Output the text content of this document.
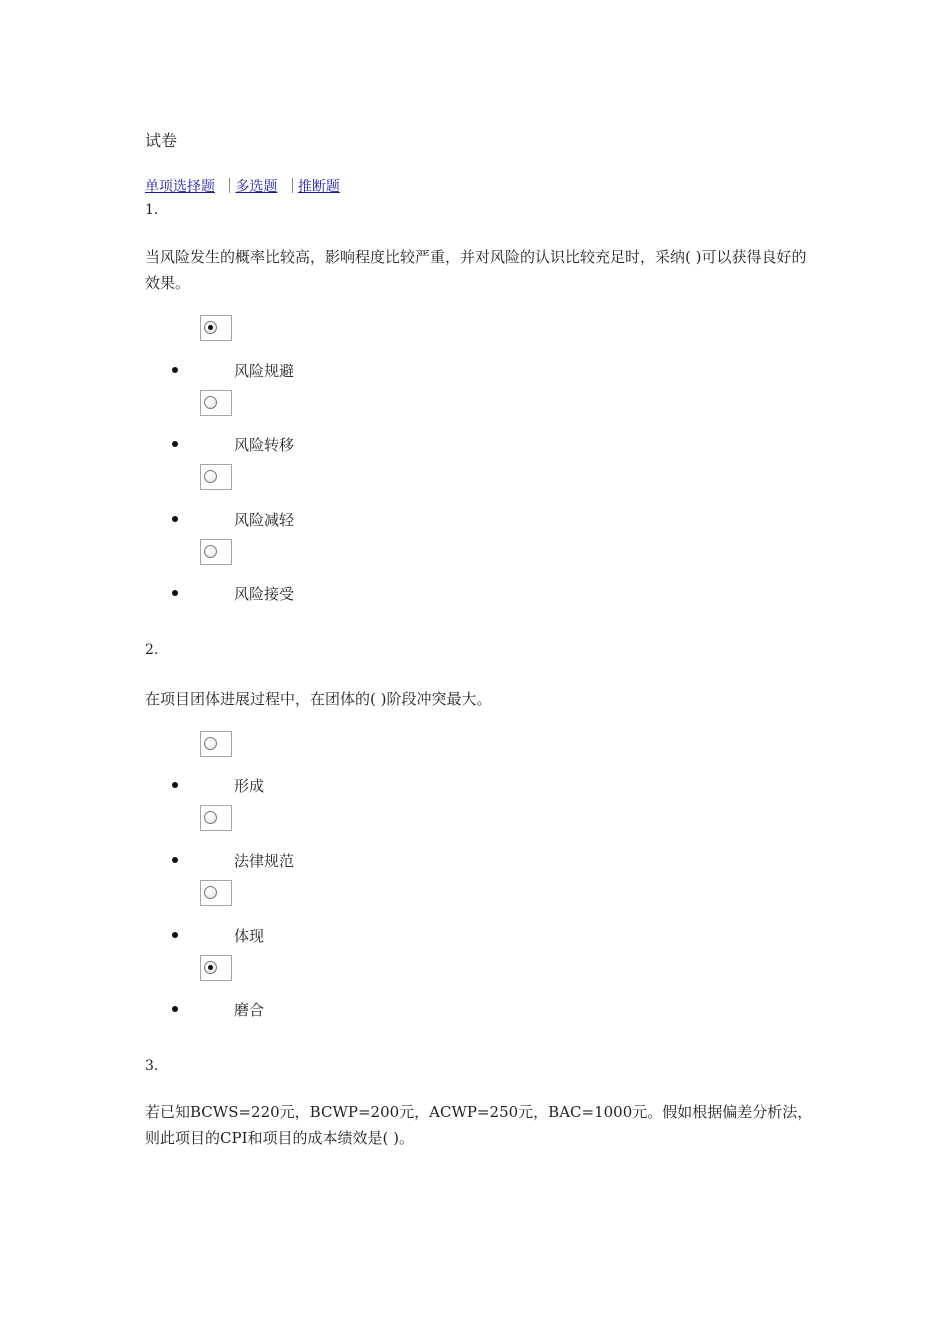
试卷
单项选择题 多选题 推断题
1.
当风险发生的概率比较高，影响程度比较严重，并对风险的认识比较充足时，采纳( )可以获得良好的效果。
风险规避
风险转移
风险减轻
风险接受
2.
在项目团体进展过程中，在团体的( )阶段冲突最大。
形成
法律规范
体现
磨合
3.
若已知BCWS=220元，BCWP=200元，ACWP=250元，BAC=1000元。假如根据偏差分析法，则此项目的CPI和项目的成本绩效是( )。
